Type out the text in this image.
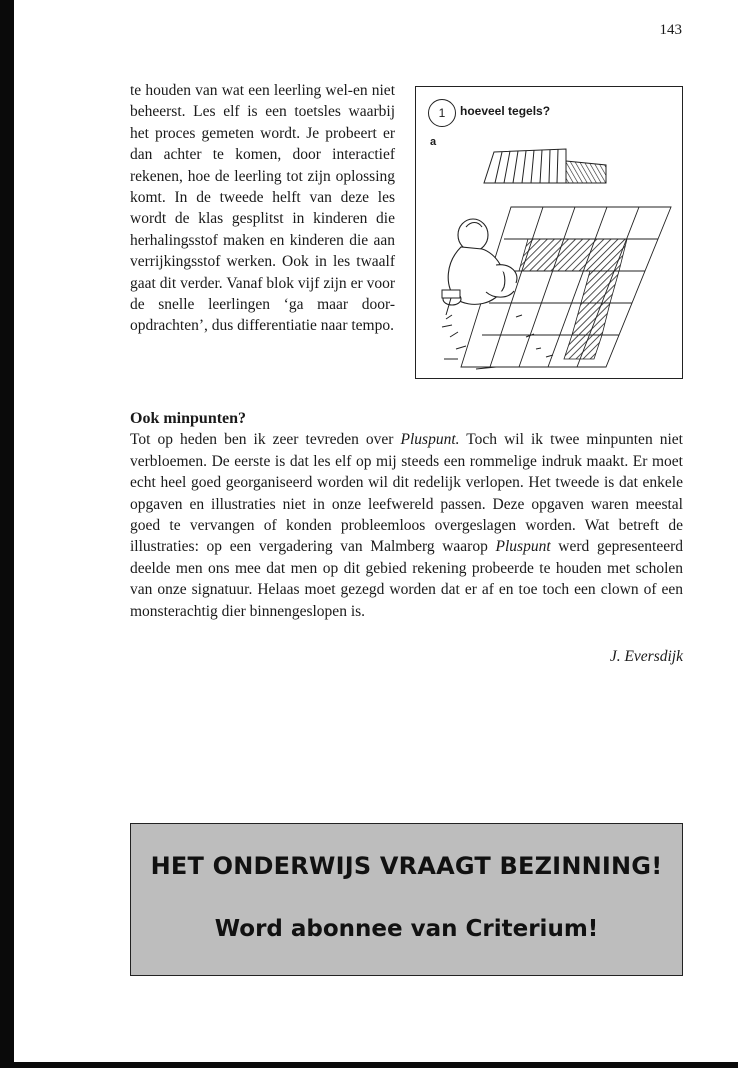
143
te houden van wat een leerling wel-en niet beheerst. Les elf is een toetsles waarbij het proces gemeten wordt. Je probeert er dan achter te komen, door interactief rekenen, hoe de leerling tot zijn oplossing komt. In de tweede helft van deze les wordt de klas gesplitst in kinderen die herhalingsstof maken en kinderen die aan verrijkingsstof werken. Ook in les twaalf gaat dit verder. Vanaf blok vijf zijn er voor de snelle leerlingen ‘ga maar door-opdrachten’, dus differentiatie naar tempo.
1	hoeveel tegels?
a

Ook minpunten?

Tot op heden ben ik zeer tevreden over Pluspunt. Toch wil ik twee minpunten niet verbloemen. De eerste is dat les elf op mij steeds een rommelige indruk maakt. Er moet echt heel goed georganiseerd worden wil dit redelijk verlopen. Het tweede is dat enkele opgaven en illustraties niet in onze leefwereld passen. Deze opgaven waren meestal goed te vervangen of konden probleemloos overgeslagen worden. Wat betreft de illustraties: op een vergadering van Malmberg waarop Pluspunt werd gepresenteerd deelde men ons mee dat men op dit gebied rekening probeerde te houden met scholen van onze signatuur. Helaas moet gezegd worden dat er af en toe toch een clown of een monsterachtig dier binnengeslopen is.

J. Eversdijk
HET ONDERWIJS VRAAGT BEZINNING!
Word abonnee van Criterium!
